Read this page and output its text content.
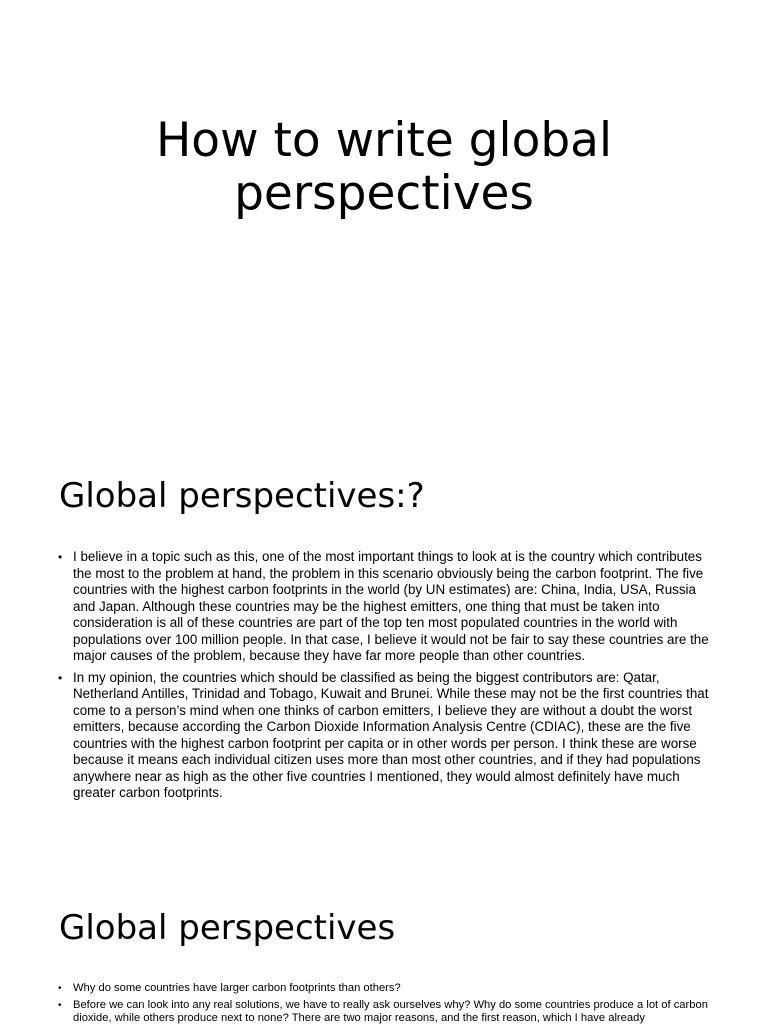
How to write global perspectives
Global perspectives:?
• I believe in a topic such as this, one of the most important things to look at is the country which contributes the most to the problem at hand, the problem in this scenario obviously being the carbon footprint. The five countries with the highest carbon footprints in the world (by UN estimates) are: China, India, USA, Russia and Japan. Although these countries may be the highest emitters, one thing that must be taken into consideration is all of these countries are part of the top ten most populated countries in the world with populations over 100 million people. In that case, I believe it would not be fair to say these countries are the major causes of the problem, because they have far more people than other countries.
• In my opinion, the countries which should be classified as being the biggest contributors are: Qatar, Netherland Antilles, Trinidad and Tobago, Kuwait and Brunei. While these may not be the first countries that come to a person’s mind when one thinks of carbon emitters, I believe they are without a doubt the worst emitters, because according the Carbon Dioxide Information Analysis Centre (CDIAC), these are the five countries with the highest carbon footprint per capita or in other words per person. I think these are worse because it means each individual citizen uses more than most other countries, and if they had populations anywhere near as high as the other five countries I mentioned, they would almost definitely have much greater carbon footprints.
Global perspectives
• Why do some countries have larger carbon footprints than others?
• Before we can look into any real solutions, we have to really ask ourselves why? Why do some countries produce a lot of carbon dioxide, while others produce next to none? There are two major reasons, and the first reason, which I have already
